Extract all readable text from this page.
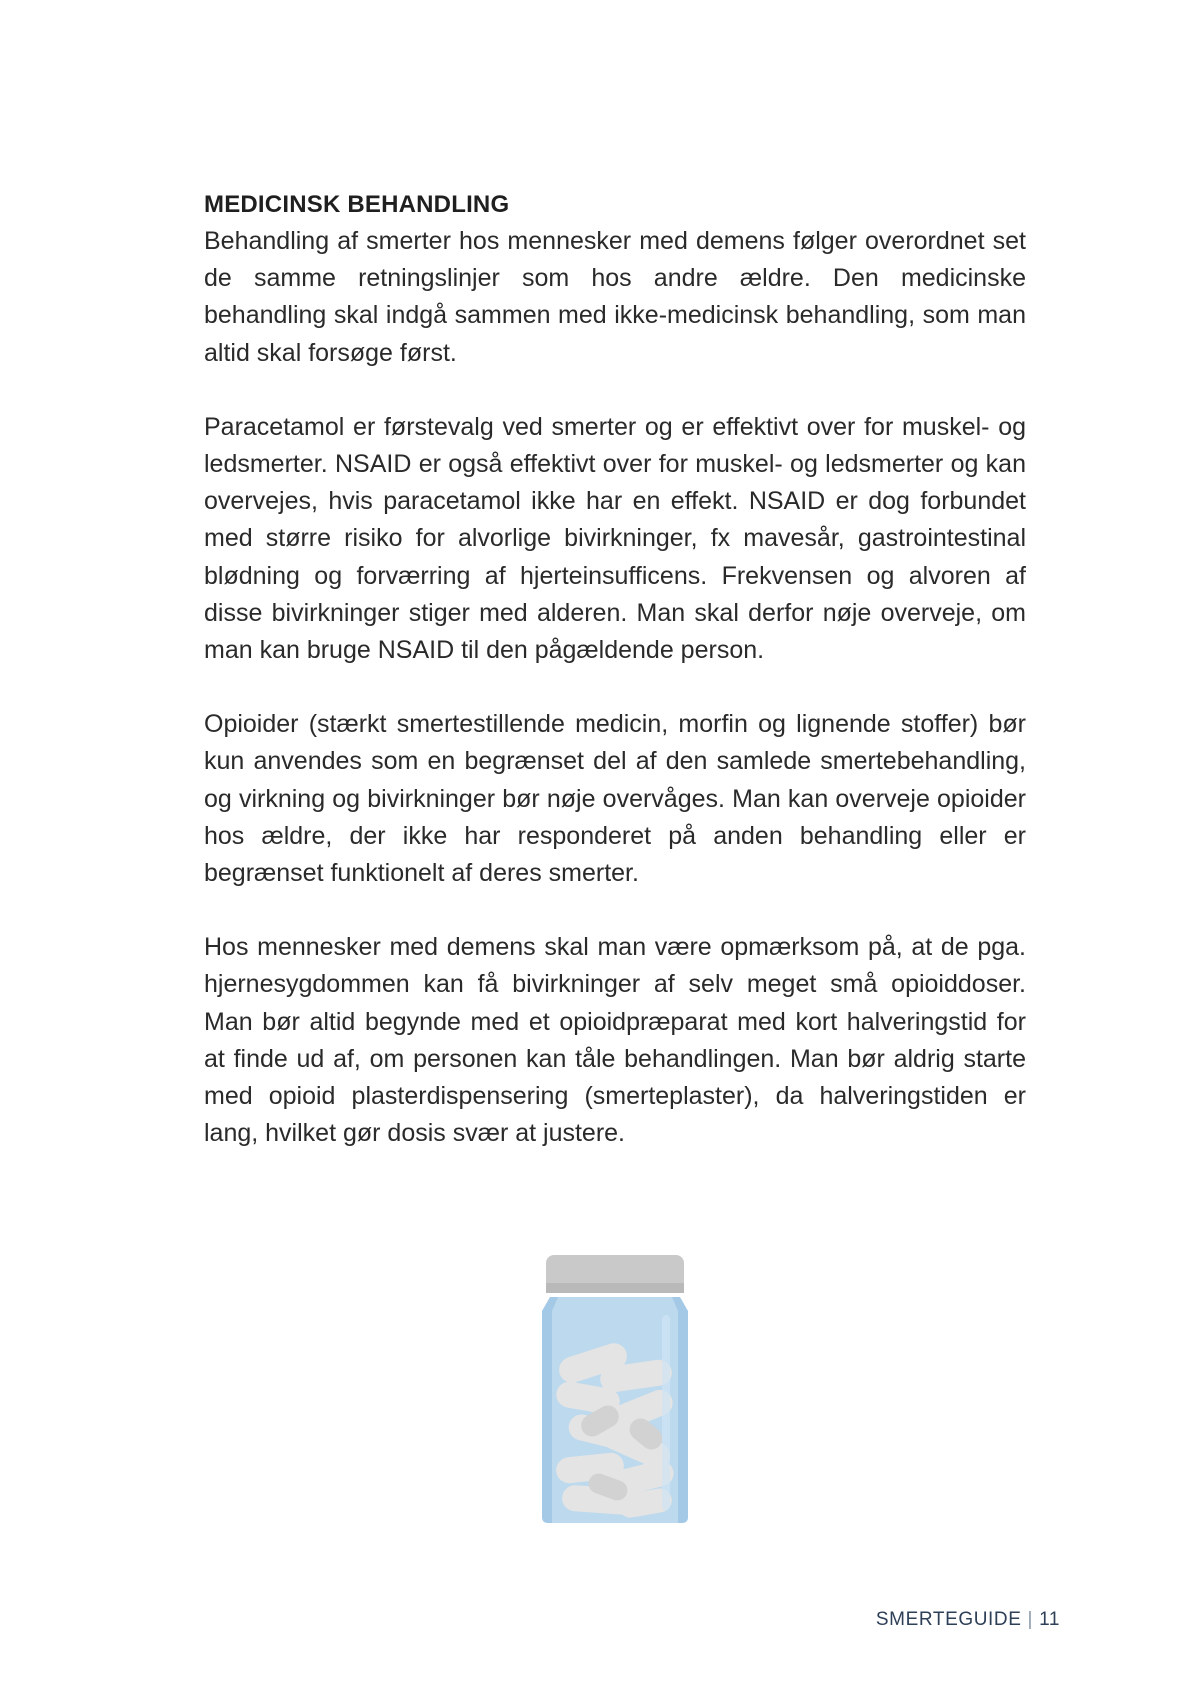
MEDICINSK BEHANDLING

Behandling af smerter hos mennesker med demens følger overordnet set de samme retningslinjer som hos andre ældre. Den medicinske behandling skal indgå sammen med ikke-medicinsk behandling, som man altid skal forsøge først.

Paracetamol er førstevalg ved smerter og er effektivt over for muskel- og ledsmerter. NSAID er også effektivt over for muskel- og ledsmerter og kan overvejes, hvis paracetamol ikke har en effekt. NSAID er dog forbundet med større risiko for alvorlige bivirkninger, fx mavesår, gastrointestinal blødning og forværring af hjerteinsufficens. Frekvensen og alvoren af disse bivirkninger stiger med alderen. Man skal derfor nøje overveje, om man kan bruge NSAID til den pågældende person.

Opioider (stærkt smertestillende medicin, morfin og lignende stoffer) bør kun anvendes som en begrænset del af den samlede smertebehandling, og virkning og bivirkninger bør nøje overvåges. Man kan overveje opioider hos ældre, der ikke har responderet på anden behandling eller er begrænset funktionelt af deres smerter.

Hos mennesker med demens skal man være opmærksom på, at de pga. hjernesygdommen kan få bivirkninger af selv meget små opioiddoser. Man bør altid begynde med et opioidpræparat med kort halveringstid for at finde ud af, om personen kan tåle behandlingen. Man bør aldrig starte med opioid plasterdispensering (smerteplaster), da halveringstiden er lang, hvilket gør dosis svær at justere.

SMERTEGUIDE | 11
